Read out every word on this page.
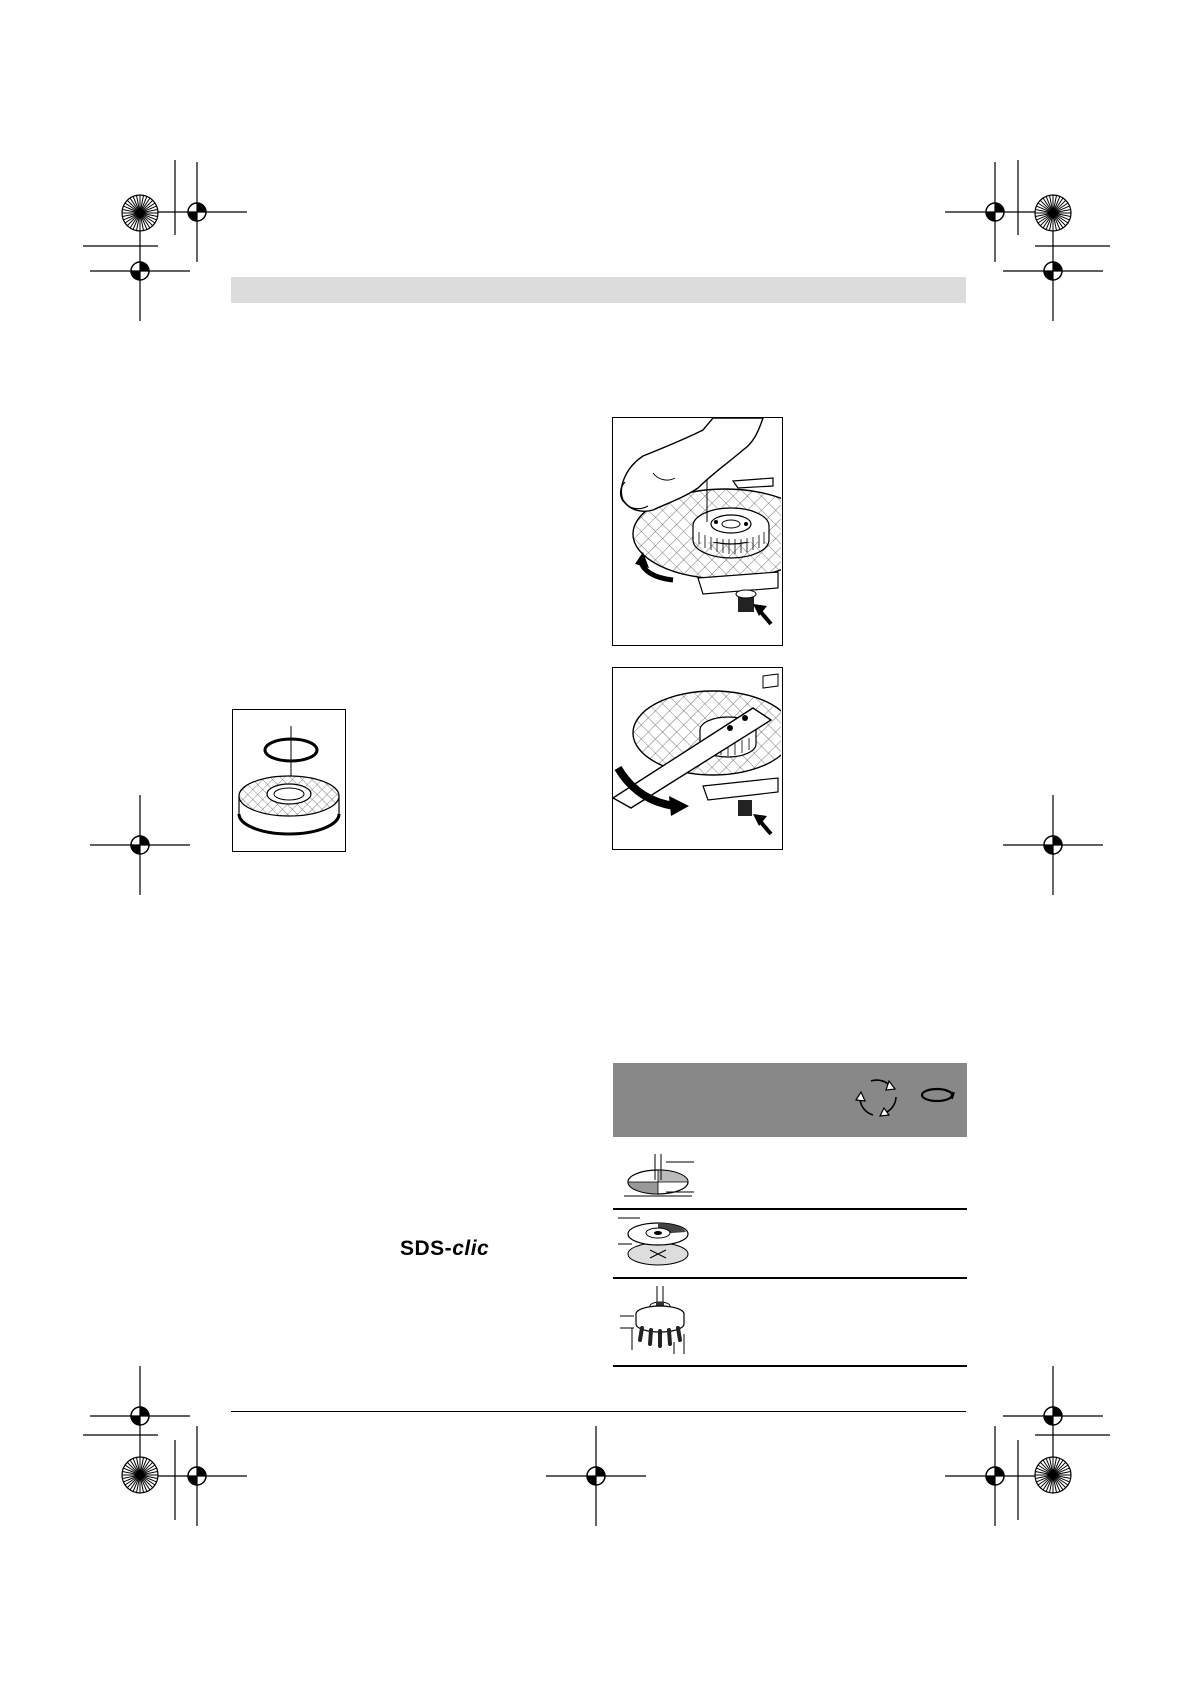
SDS-clic
